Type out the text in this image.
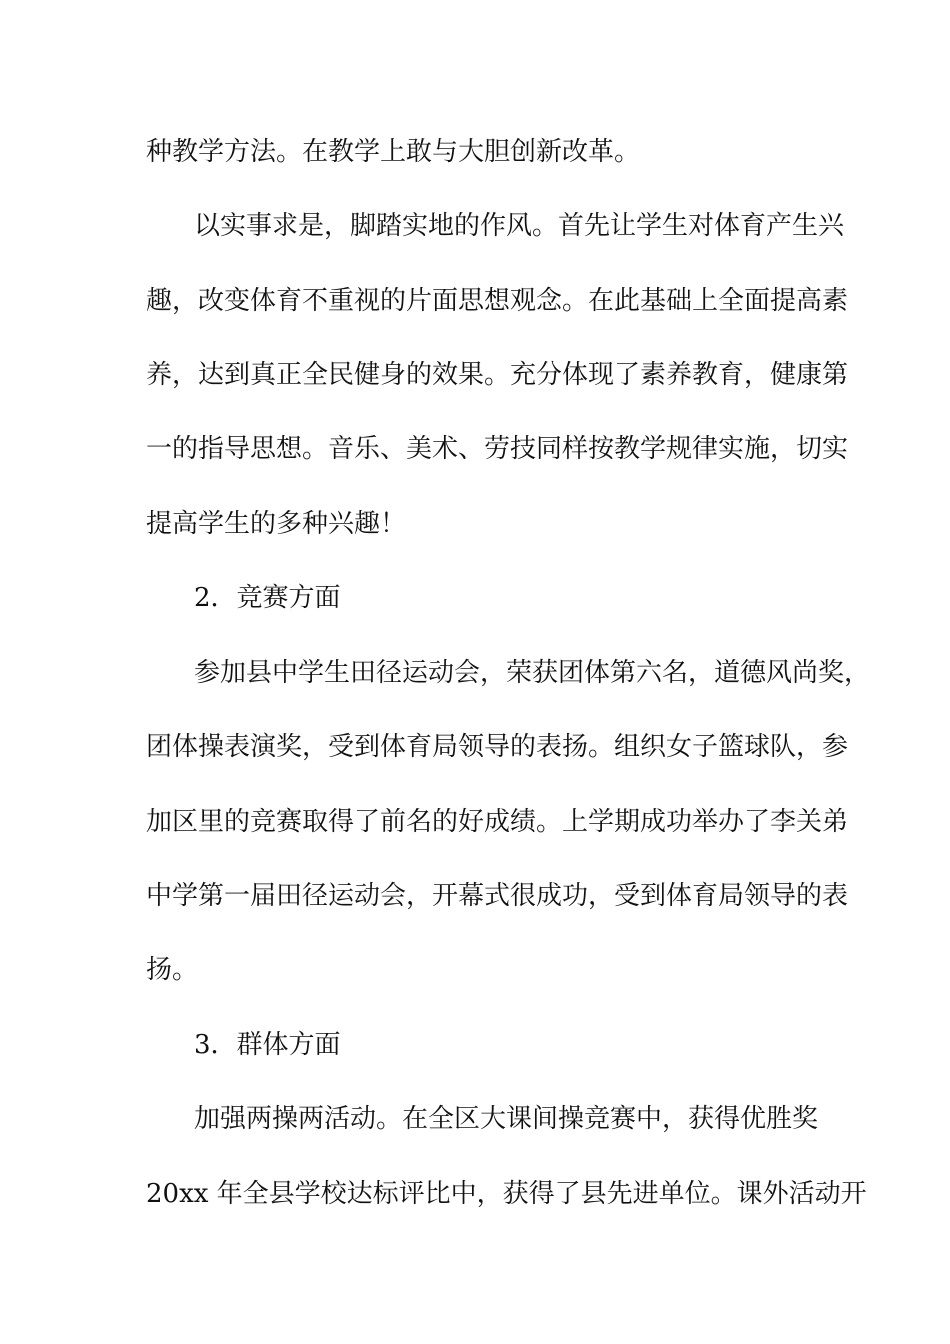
种教学方法。在教学上敢与大胆创新改革。
以实事求是，脚踏实地的作风。首先让学生对体育产生兴
趣，改变体育不重视的片面思想观念。在此基础上全面提高素
养，达到真正全民健身的效果。充分体现了素养教育，健康第
一的指导思想。音乐、美术、劳技同样按教学规律实施，切实
提高学生的多种兴趣！
2．竞赛方面
参加县中学生田径运动会，荣获团体第六名，道德风尚奖，
团体操表演奖，受到体育局领导的表扬。组织女子篮球队，参
加区里的竞赛取得了前名的好成绩。上学期成功举办了李关弟
中学第一届田径运动会，开幕式很成功，受到体育局领导的表
扬。
3．群体方面
加强两操两活动。在全区大课间操竞赛中，获得优胜奖
20xx 年全县学校达标评比中，获得了县先进单位。课外活动开
